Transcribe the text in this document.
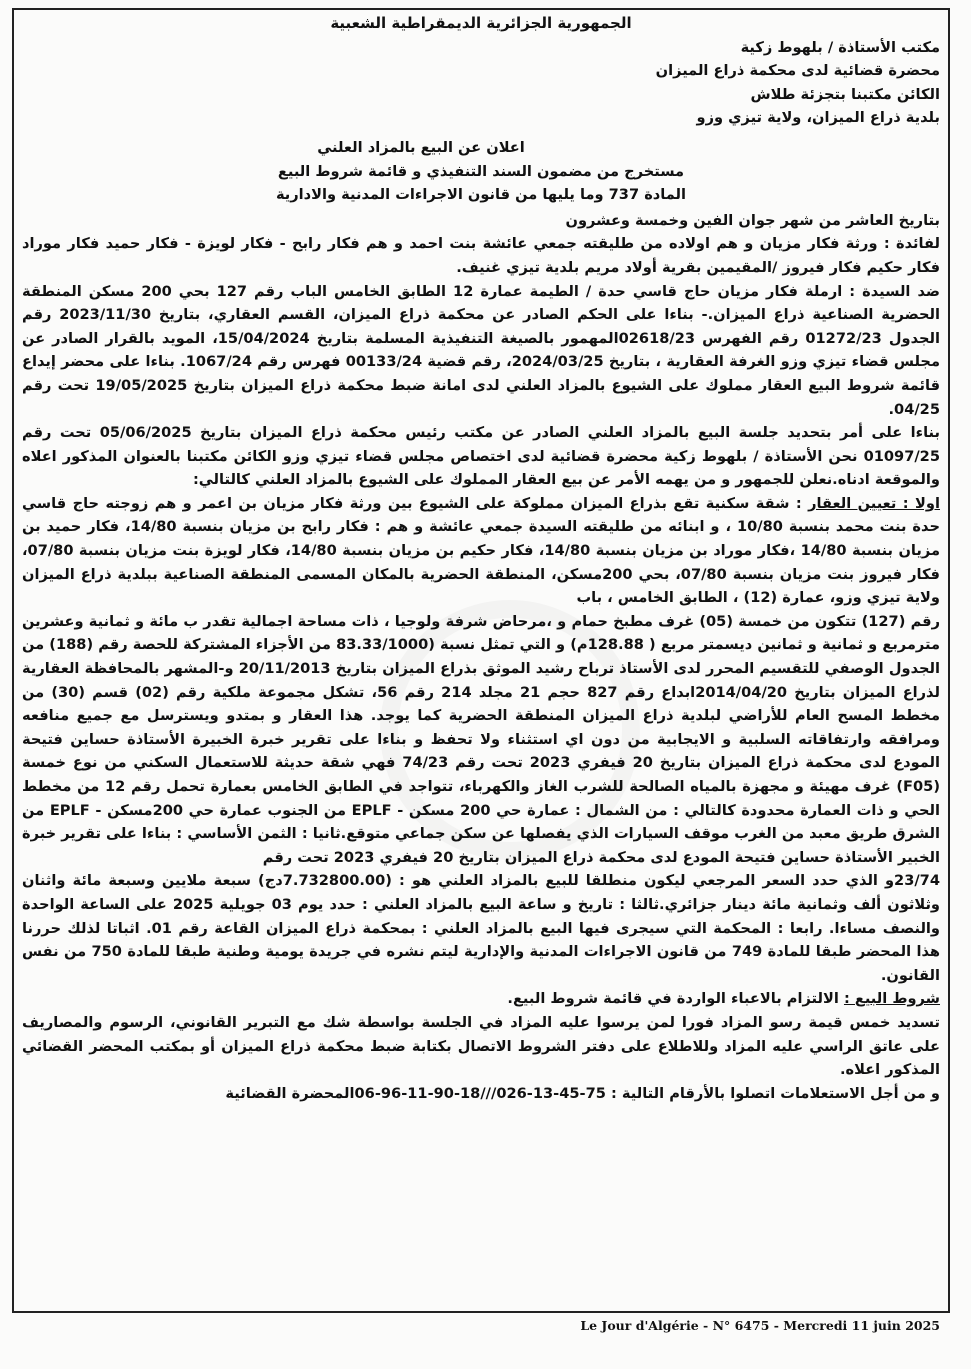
الجمهورية الجزائرية الديمقراطية الشعبية

مكتب الأستاذة / بلهوط زكية

محضرة قضائية لدى محكمة ذراع الميزان

الكائن مكتبنا بتجزئة طلاش

بلدية ذراع الميزان، ولاية تيزي وزو

اعلان عن البيع بالمزاد العلني

مستخرج من مضمون السند التنفيذي و قائمة شروط البيع

المادة 737 وما يليها من قانون الاجراءات المدنية والادارية

بتاريخ العاشر من شهر جوان الفين وخمسة وعشرون

لفائدة : ورثة فكار مزيان و هم اولاده من طليقته جمعي عائشة بنت احمد و هم فكار رابح - فكار لويزة - فكار حميد فكار موراد فكار حكيم فكار فيروز /المقيمين بقرية أولاد مريم بلدية تيزي غنيف.

ضد السيدة : ارملة فكار مزيان حاج قاسي حدة / الطيمة عمارة 12 الطابق الخامس الباب رقم 127 بحي 200 مسكن المنطقة الحضرية الصناعية ذراع الميزان.- بناءا على الحكم الصادر عن محكمة ذراع الميزان، القسم العقاري، بتاريخ 2023/11/30 رقم الجدول 01272/23 رقم الفهرس 02618/23المهمور بالصيغة التنفيذية المسلمة بتاريخ 15/04/2024، المويد بالقرار الصادر عن مجلس قضاء تيزي وزو الغرفة العقارية ، بتاريخ 2024/03/25، رقم قضية 00133/24 فهرس رقم 1067/24. بناءا على محضر إيداع قائمة شروط البيع العقار مملوك على الشيوع بالمزاد العلني لدى امانة ضبط محكمة ذراع الميزان بتاريخ 19/05/2025 تحت رقم 04/25.

بناءا على أمر بتحديد جلسة البيع بالمزاد العلني الصادر عن مكتب رئيس محكمة ذراع الميزان بتاريخ 05/06/2025 تحت رقم 01097/25 نحن الأستاذة / بلهوط زكية محضرة قضائية لدى اختصاص مجلس قضاء تيزي وزو الكائن مكتبنا بالعنوان المذكور اعلاه والموقعة ادناه.نعلن للجمهور و من يهمه الأمر عن بيع العقار المملوك على الشيوع بالمزاد العلني كالتالي:

اولا : تعيين العقار : شقة سكنية تقع بذراع الميزان مملوكة على الشيوع بين ورثة فكار مزيان بن اعمر و هم زوجته حاج قاسي حدة بنت محمد بنسبة 10/80 ، و ابنائه من طليقته السيدة جمعي عائشة و هم : فكار رابح بن مزيان بنسبة 14/80، فكار حميد بن مزيان بنسبة 14/80 ،فكار موراد بن مزيان بنسبة 14/80، فكار حكيم بن مزيان بنسبة 14/80، فكار لويزة بنت مزيان بنسبة 07/80، فكار فيروز بنت مزيان بنسبة 07/80، بحي 200مسكن، المنطقة الحضرية بالمكان المسمى المنطقة الصناعية ببلدية ذراع الميزان ولاية تيزي وزو، عمارة (12) ، الطابق الخامس ، باب

رقم (127) تتكون من خمسة (05) غرف مطبخ حمام و ،مرحاض شرفة ولوجيا ، ذات مساحة اجمالية تقدر ب مائة و ثمانية وعشرين مترمربع و ثمانية و ثمانين ديسمتر مربع ( 128.88م) و التي تمثل نسبة (83.33/1000 من الأجزاء المشتركة للحصة رقم (188) من الجدول الوصفي للتقسيم المحرر لدى الأستاذ ترباح رشيد الموثق بذراع الميزان بتاريخ 20/11/2013 و-المشهر بالمحافظة العقارية لذراع الميزان بتاريخ 2014/04/20ابداع رقم 827 حجم 21 مجلد 214 رقم 56، تشكل مجموعة ملكية رقم (02) قسم (30) من مخطط المسح العام للأراضي لبلدية ذراع الميزان المنطقة الحضرية كما يوجد. هذا العقار و بمتدو ويسترسل مع جميع منافعه ومرافقه وارتفاقاته السلبية و الايجابية من دون اي استثناء ولا تحفظ و بناءا على تقرير خبرة الخبيرة الأستاذة حساين فتيحة المودع لدى محكمة ذراع الميزان بتاريخ 20 فيفري 2023 تحت رقم 74/23 فهي شقة حديثة للاستعمال السكني من نوع خمسة (F05) غرف مهيئة و مجهزة بالمياه الصالحة للشرب الغاز والكهرباء، تتواجد في الطابق الخامس بعمارة تحمل رقم 12 من مخطط الحي و ذات العمارة محدودة كالتالي : من الشمال : عمارة حي 200 مسكن - EPLF من الجنوب عمارة حي 200مسكن - EPLF من الشرق طريق معبد من الغرب موقف السيارات الذي يفصلها عن سكن جماعي متوقع.ثانيا : الثمن الأساسي : بناءا على تقرير خبرة الخبير الأستاذة حساين فتيحة المودع لدى محكمة ذراع الميزان بتاريخ 20 فيفري 2023 تحت رقم

23/74و الذي حدد السعر المرجعي ليكون منطلقا للبيع بالمزاد العلني هو : (7.732800.00دج) سبعة ملايين وسبعة مائة واثنان وثلاثون ألف وثمانية مائة دينار جزائري.ثالثا : تاريخ و ساعة البيع بالمزاد العلني : حدد يوم 03 جويلية 2025 على الساعة الواحدة والنصف مساءا. رابعا : المحكمة التي سيجرى فيها البيع بالمزاد العلني : بمحكمة ذراع الميزان القاعة رقم 01. اثباتا لذلك حررنا هذا المحضر طبقا للمادة 749 من قانون الاجراءات المدنية والإدارية ليتم نشره في جريدة يومية وطنية طبقا للمادة 750 من نفس القانون.

شروط البيع : الالتزام بالاعباء الواردة في قائمة شروط البيع.

تسديد خمس قيمة رسو المزاد فورا لمن يرسوا عليه المزاد في الجلسة بواسطة شك مع التبرير القانوني، الرسوم والمصاريف على عاتق الراسي عليه المزاد وللاطلاع على دفتر الشروط الاتصال بكتابة ضبط محكمة ذراع الميزان أو بمكتب المحضر القضائي المذكور اعلاه.

و من أجل الاستعلامات اتصلوا بالأرقام التالية : 75-45-13-026///18-90-11-96-06المحضرة القضائية

Le Jour d'Algérie - N° 6475 - Mercredi 11 juin 2025
